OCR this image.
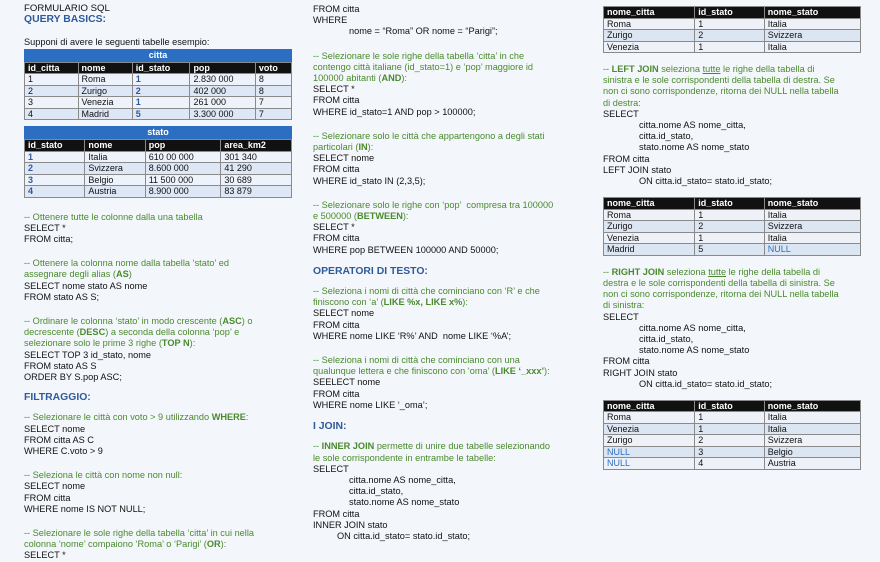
FORMULARIO SQL
QUERY BASICS:
Supponi di avere le seguenti tabelle esempio:
citta
id_citta	nome	id_stato	pop	voto
1	Roma	1	2.830 000	8
2	Zurigo	2	402 000	8
3	Venezia	1	261 000	7
4	Madrid	5	3.300 000	7
stato
id_stato	nome	pop	area_km2
1	Italia	610 00 000	301 340
2	Svizzera	8.600 000	41 290
3	Belgio	11 500 000	30 689
4	Austria	8.900 000	83 879
-- Ottenere tutte le colonne dalla una tabella
SELECT *
FROM citta;
-- Ottenere la colonna nome dalla tabella ‘stato’ ed
assegnare degli alias (AS)
SELECT nome stato AS nome
FROM stato AS S;
-- Ordinare le colonna ‘stato’ in modo crescente (ASC) o
decrescente (DESC) a seconda della colonna ‘pop’ e
selezionare solo le prime 3 righe (TOP N):
SELECT TOP 3 id_stato, nome
FROM stato AS S
ORDER BY S.pop ASC;
FILTRAGGIO:
-- Selezionare le città con voto > 9 utilizzando WHERE:
SELECT nome
FROM citta AS C
WHERE C.voto > 9
-- Seleziona le città con nome non null:
SELECT nome
FROM citta
WHERE nome IS NOT NULL;
-- Selezionare le sole righe della tabella ‘citta’ in cui nella
colonna ‘nome’ compaiono ‘Roma’ o ‘Parigi’ (OR):
SELECT *
FROM citta
WHERE
nome = “Roma” OR nome = “Parigi”;
-- Selezionare le sole righe della tabella ‘citta’ in che
contengo città italiane (id_stato=1) e ‘pop’ maggiore id
100000 abitanti (AND):
SELECT *
FROM citta
WHERE id_stato=1 AND pop > 100000;
-- Selezionare solo le città che appartengono a degli stati
particolari (IN):
SELECT nome
FROM citta
WHERE id_stato IN (2,3,5);
-- Selezionare solo le righe con ‘pop’  compresa tra 100000
e 500000 (BETWEEN):
SELECT *
FROM citta
WHERE pop BETWEEN 100000 AND 50000;
OPERATORI DI TESTO:
-- Seleziona i nomi di città che cominciano con ‘R’ e che
finiscono con ‘a’ (LIKE %x, LIKE x%):
SELECT nome
FROM citta
WHERE nome LIKE ‘R%’ AND  nome LIKE ‘%A’;
-- Seleziona i nomi di città che cominciano con una
qualunque lettera e che finiscono con ‘oma’ (LIKE ‘_xxx’):
SEELECT nome
FROM citta
WHERE nome LIKE ‘_oma’;
I JOIN:
-- INNER JOIN permette di unire due tabelle selezionando
le sole corrispondente in entrambe le tabelle:
SELECT
citta.nome AS nome_citta,
citta.id_stato,
stato.nome AS nome_stato
FROM citta
INNER JOIN stato
ON citta.id_stato= stato.id_stato;
nome_citta	id_stato	nome_stato
Roma	1	Italia
Zurigo	2	Svizzera
Venezia	1	Italia
-- LEFT JOIN seleziona tutte le righe della tabella di
sinistra e le sole corrispondenti della tabella di destra. Se
non ci sono corrispondenze, ritorna dei NULL nella tabella
di destra:
SELECT
citta.nome AS nome_citta,
citta.id_stato,
stato.nome AS nome_stato
FROM citta
LEFT JOIN stato
ON citta.id_stato= stato.id_stato;
nome_citta	id_stato	nome_stato
Roma	1	Italia
Zurigo	2	Svizzera
Venezia	1	Italia
Madrid	5	NULL
-- RIGHT JOIN seleziona tutte le righe della tabella di
destra e le sole corrispondenti della tabella di sinistra. Se
non ci sono corrispondenze, ritorna dei NULL nella tabella
di sinistra:
SELECT
citta.nome AS nome_citta,
citta.id_stato,
stato.nome AS nome_stato
FROM citta
RIGHT JOIN stato
ON citta.id_stato= stato.id_stato;
nome_citta	id_stato	nome_stato
Roma	1	Italia
Venezia	1	Italia
Zurigo	2	Svizzera
NULL	3	Belgio
NULL	4	Austria
